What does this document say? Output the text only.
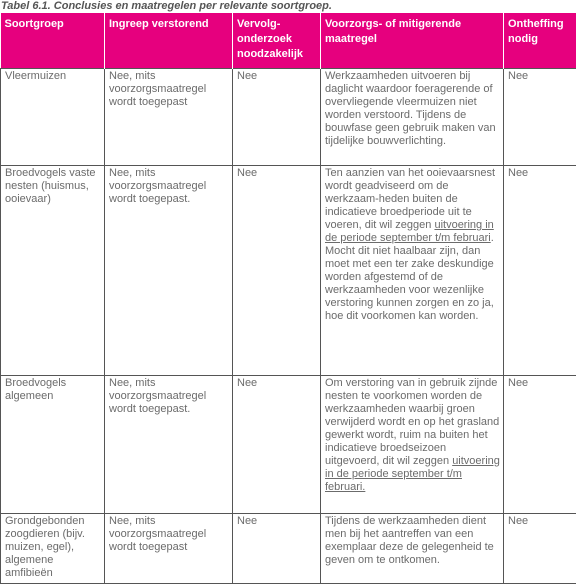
Tabel 6.1. Conclusies en maatregelen per relevante soortgroep.
Soortgroep	Ingreep verstorend	Vervolg-
onderzoek
noodzakelijk	Voorzorgs- of mitigerende maatregel	Ontheffing nodig
Vleermuizen	Nee, mits voorzorgsmaatregel wordt toegepast	Nee	Werkzaamheden uitvoeren bij daglicht waardoor foeragerende of overvliegende vleermuizen niet worden verstoord. Tijdens de bouwfase geen gebruik maken van tijdelijke bouwverlichting.	Nee
Broedvogels vaste nesten (huismus, ooievaar)	Nee, mits voorzorgsmaatregel wordt toegepast.	Nee	Ten aanzien van het ooievaarsnest wordt geadviseerd om de werkzaam-heden buiten de indicatieve broedperiode uit te voeren, dit wil zeggen uitvoering in de periode september t/m februari. Mocht dit niet haalbaar zijn, dan moet met een ter zake deskundige worden afgestemd of de werkzaamheden voor wezenlijke verstoring kunnen zorgen en zo ja, hoe dit voorkomen kan worden.	Nee
Broedvogels algemeen	Nee, mits voorzorgsmaatregel wordt toegepast.	Nee	Om verstoring van in gebruik zijnde nesten te voorkomen worden de werkzaamheden waarbij groen verwijderd wordt en op het grasland gewerkt wordt, ruim na buiten het indicatieve broedseizoen uitgevoerd, dit wil zeggen uitvoering in de periode september t/m februari.	Nee
Grondgebonden zoogdieren (bijv. muizen, egel), algemene amfibieën	Nee, mits voorzorgsmaatregel wordt toegepast	Nee	Tijdens de werkzaamheden dient men bij het aantreffen van een exemplaar deze de gelegenheid te geven om te ontkomen.	Nee
